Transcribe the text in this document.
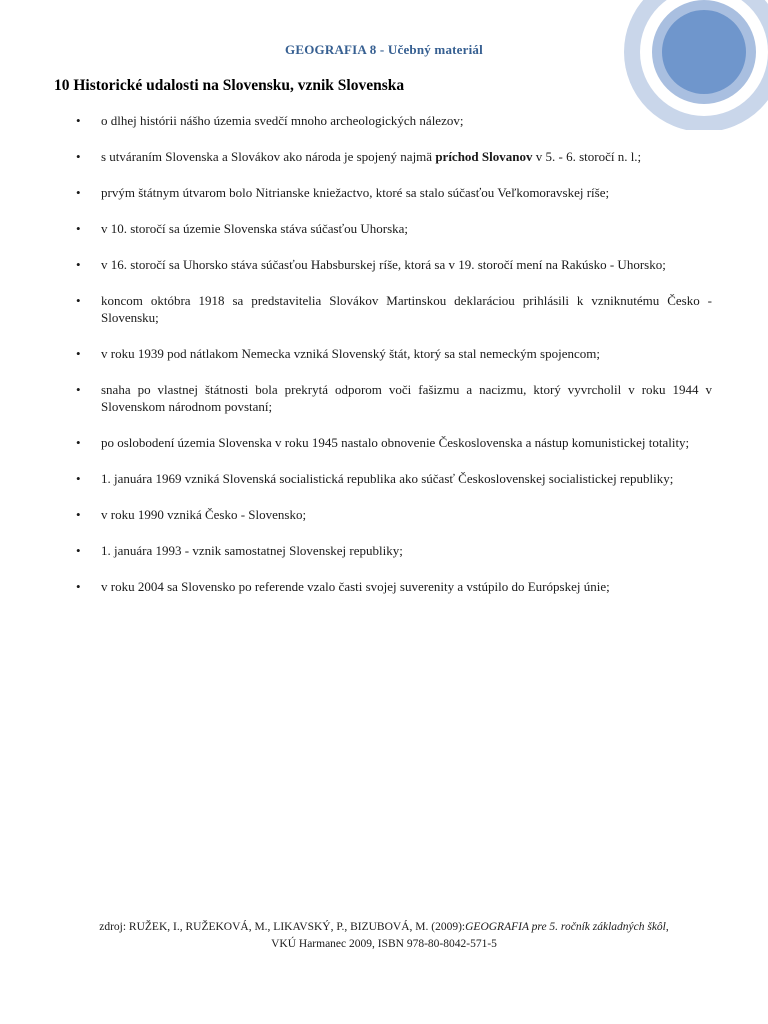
GEOGRAFIA 8 - Učebný materiál
10 Historické udalosti na Slovensku, vznik Slovenska
• o dlhej histórii nášho územia svedčí mnoho archeologických nálezov;
• s utváraním Slovenska a Slovákov ako národa je spojený najmä príchod Slovanov v 5. - 6. storočí n. l.;
• prvým štátnym útvarom bolo Nitrianske kniežactvo, ktoré sa stalo súčasťou Veľkomoravskej ríše;
• v 10. storočí sa územie Slovenska stáva súčasťou Uhorska;
• v 16. storočí sa Uhorsko stáva súčasťou Habsburskej ríše, ktorá sa v 19. storočí mení na Rakúsko - Uhorsko;
• koncom októbra 1918 sa predstavitelia Slovákov Martinskou deklaráciou prihlásili k vzniknutému Česko - Slovensku;
• v roku 1939 pod nátlakom Nemecka vzniká Slovenský štát, ktorý sa stal nemeckým spojencom;
• snaha po vlastnej štátnosti bola prekrytá odporom voči fašizmu a nacizmu, ktorý vyvrcholil v roku 1944 v Slovenskom národnom povstaní;
• po oslobodení územia Slovenska v roku 1945 nastalo obnovenie Československa a nástup komunistickej totality;
• 1. januára 1969 vzniká Slovenská socialistická republika ako súčasť Československej socialistickej republiky;
• v roku 1990 vzniká Česko - Slovensko;
• 1. januára 1993 - vznik samostatnej Slovenskej republiky;
• v roku 2004 sa Slovensko po referende vzalo časti svojej suverenity a vstúpilo do Európskej únie;
zdroj: RUŽEK, I., RUŽEKOVÁ, M., LIKAVSKÝ, P., BIZUBOVÁ, M. (2009):GEOGRAFIA pre 5. ročník základných škôl,
VKÚ Harmanec 2009, ISBN 978-80-8042-571-5
